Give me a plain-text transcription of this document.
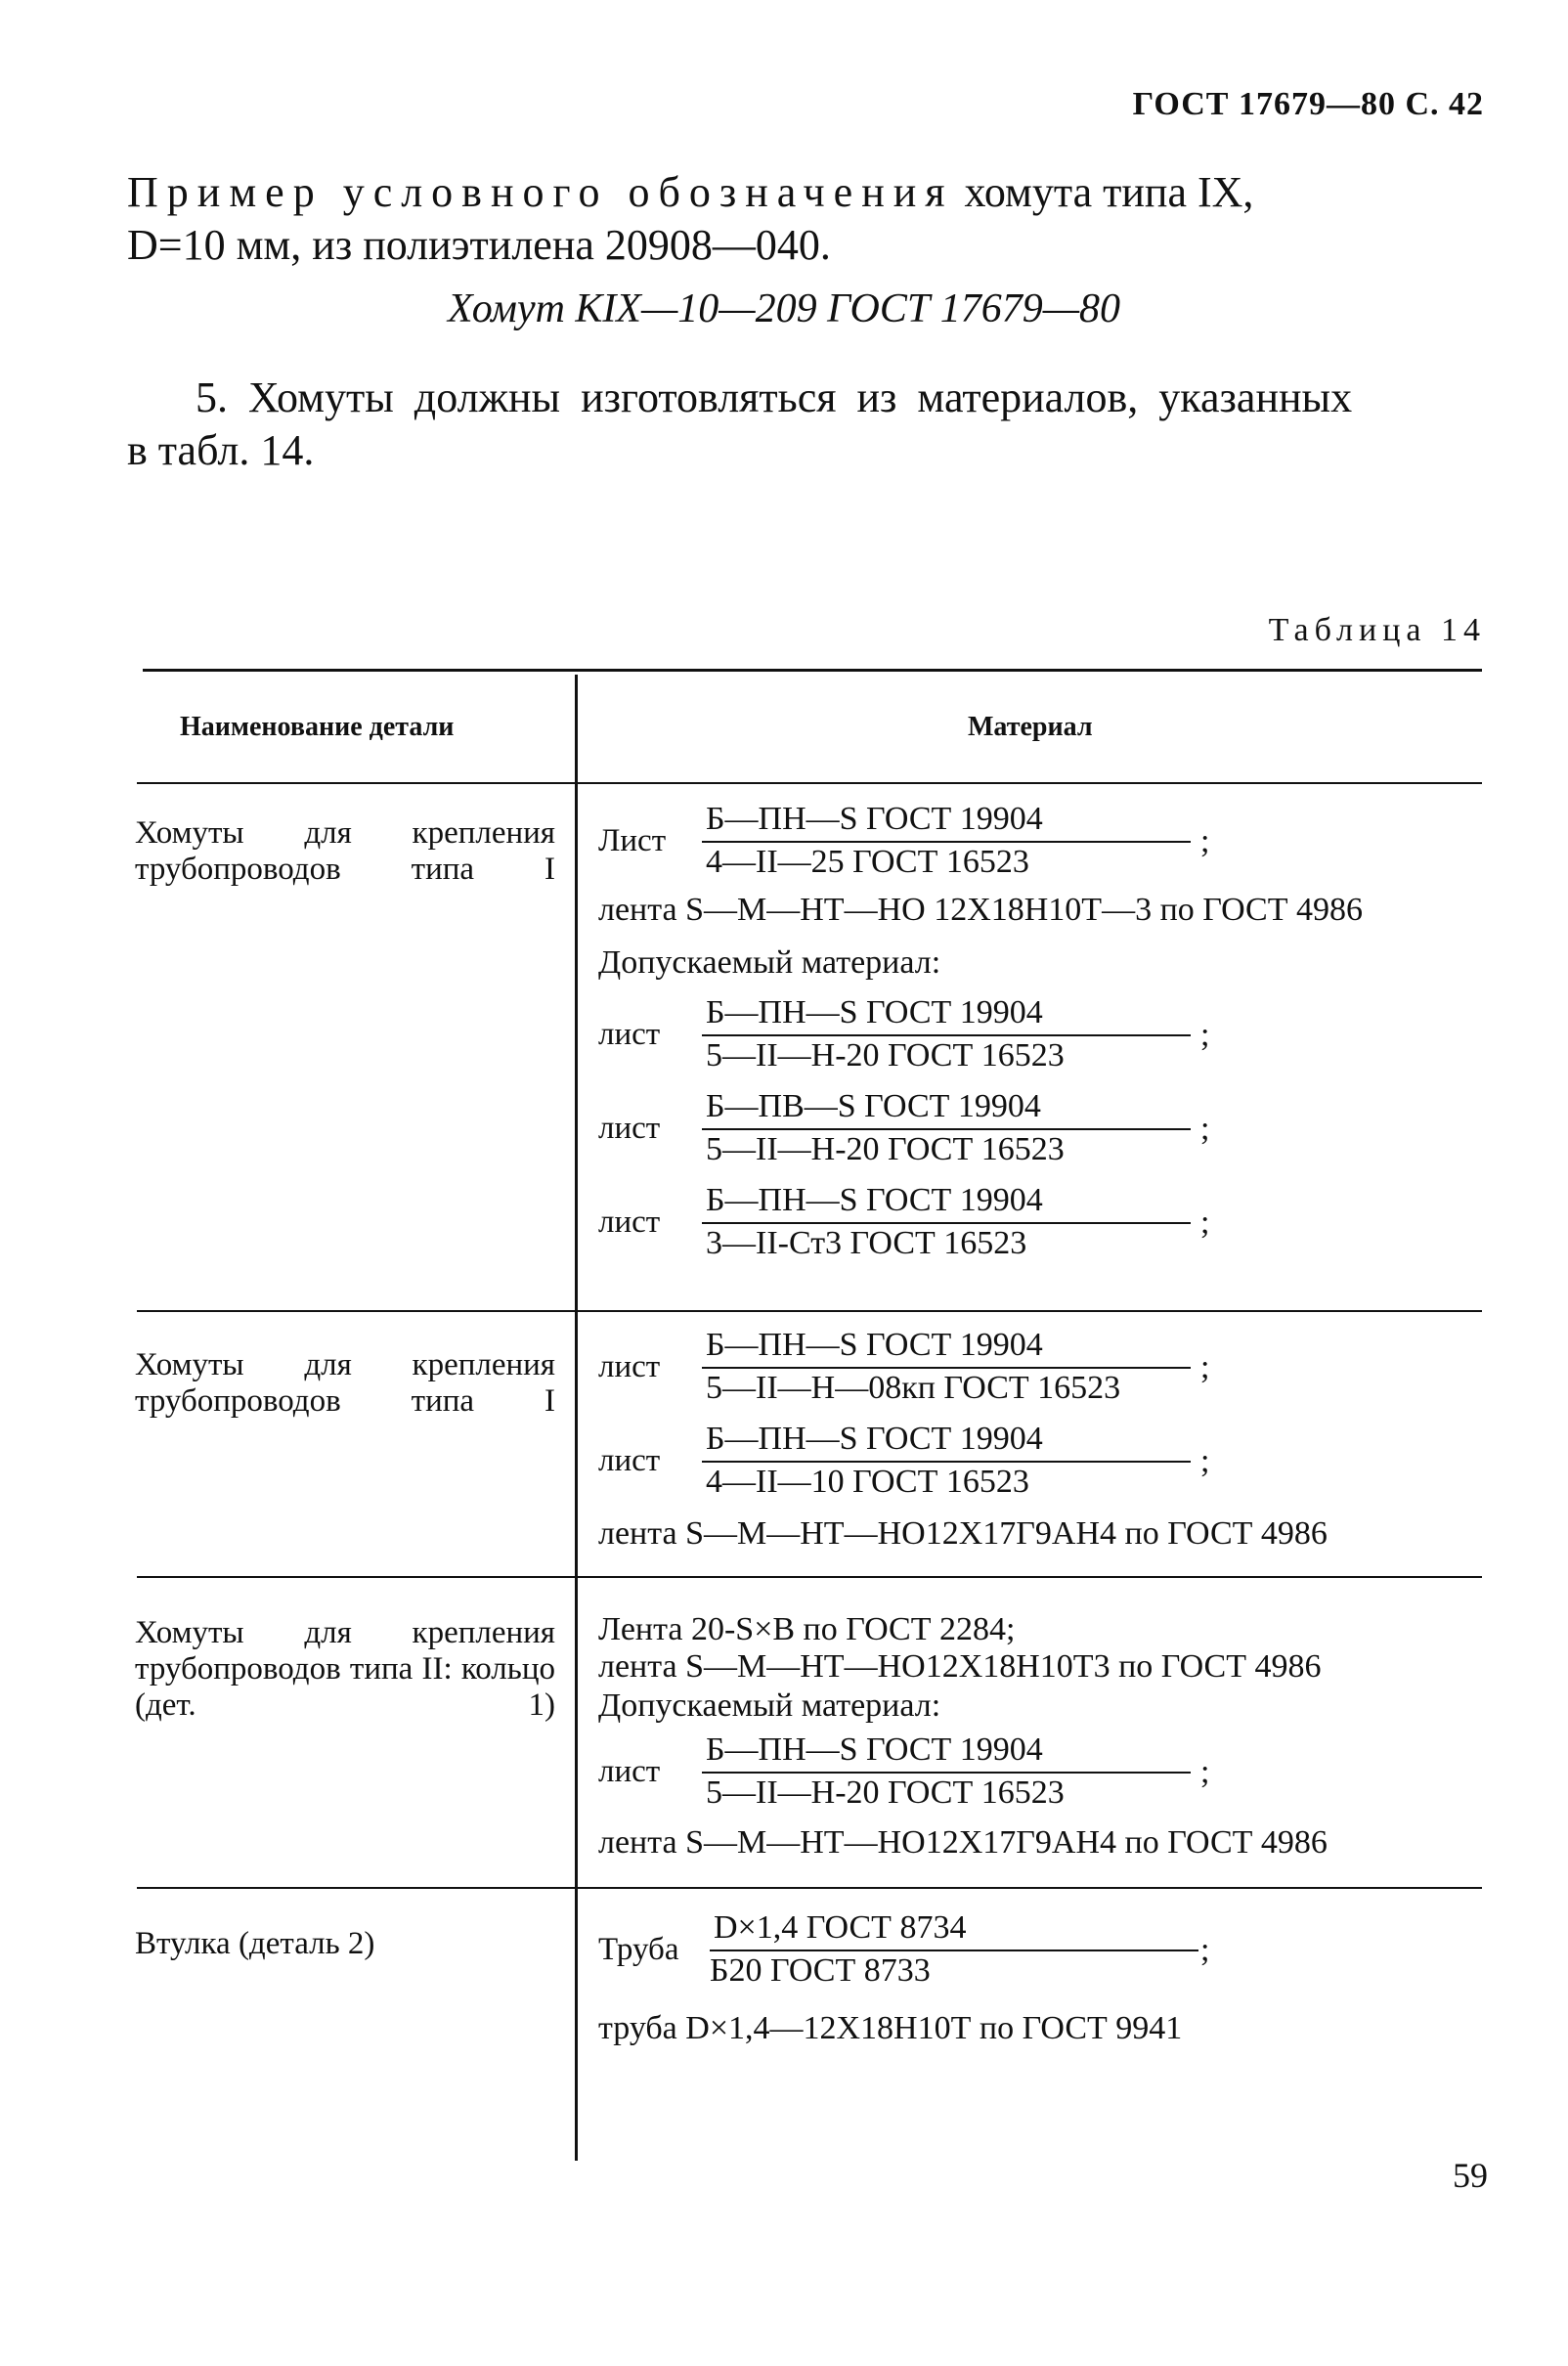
ГОСТ 17679—80 С. 42
Пример условного обозначения хомута типа IX,
D=10 мм, из полиэтилена 20908—040.
Хомут КIХ—10—209 ГОСТ 17679—80
5. Хомуты должны изготовляться из материалов, указанных
в табл. 14.
Таблица 14
Наименование детали	Материал
Хомуты для крепления трубопроводов типа I
Лист
Б—ПН—S ГОСТ 19904
4—II—25 ГОСТ 16523
;
лента S—М—НТ—НО 12Х18Н10Т—3 по ГОСТ 4986
Допускаемый материал:
лист
Б—ПН—S ГОСТ 19904
5—II—Н-20 ГОСТ 16523
;
лист
Б—ПВ—S ГОСТ 19904
5—II—Н-20 ГОСТ 16523
;
лист
Б—ПН—S ГОСТ 19904
3—II-Ст3 ГОСТ 16523
;
Хомуты для крепления трубопроводов типа I
лист
Б—ПН—S ГОСТ 19904
5—II—Н—08кп ГОСТ 16523
;
лист
Б—ПН—S ГОСТ 19904
4—II—10 ГОСТ 16523
;
лента S—М—НТ—НО12Х17Г9АН4 по ГОСТ 4986
Хомуты для крепления трубопроводов типа II: кольцо (дет. 1)
Лента 20-S×B по ГОСТ 2284;
лента S—М—НТ—НО12Х18Н10Т3 по ГОСТ 4986
Допускаемый материал:
лист
Б—ПН—S ГОСТ 19904
5—II—Н-20 ГОСТ 16523
;
лента S—М—НТ—НО12Х17Г9АН4 по ГОСТ 4986
Втулка (деталь 2)	Труба
D×1,4 ГОСТ 8734
Б20 ГОСТ 8733
;
труба D×1,4—12Х18Н10Т по ГОСТ 9941
59
